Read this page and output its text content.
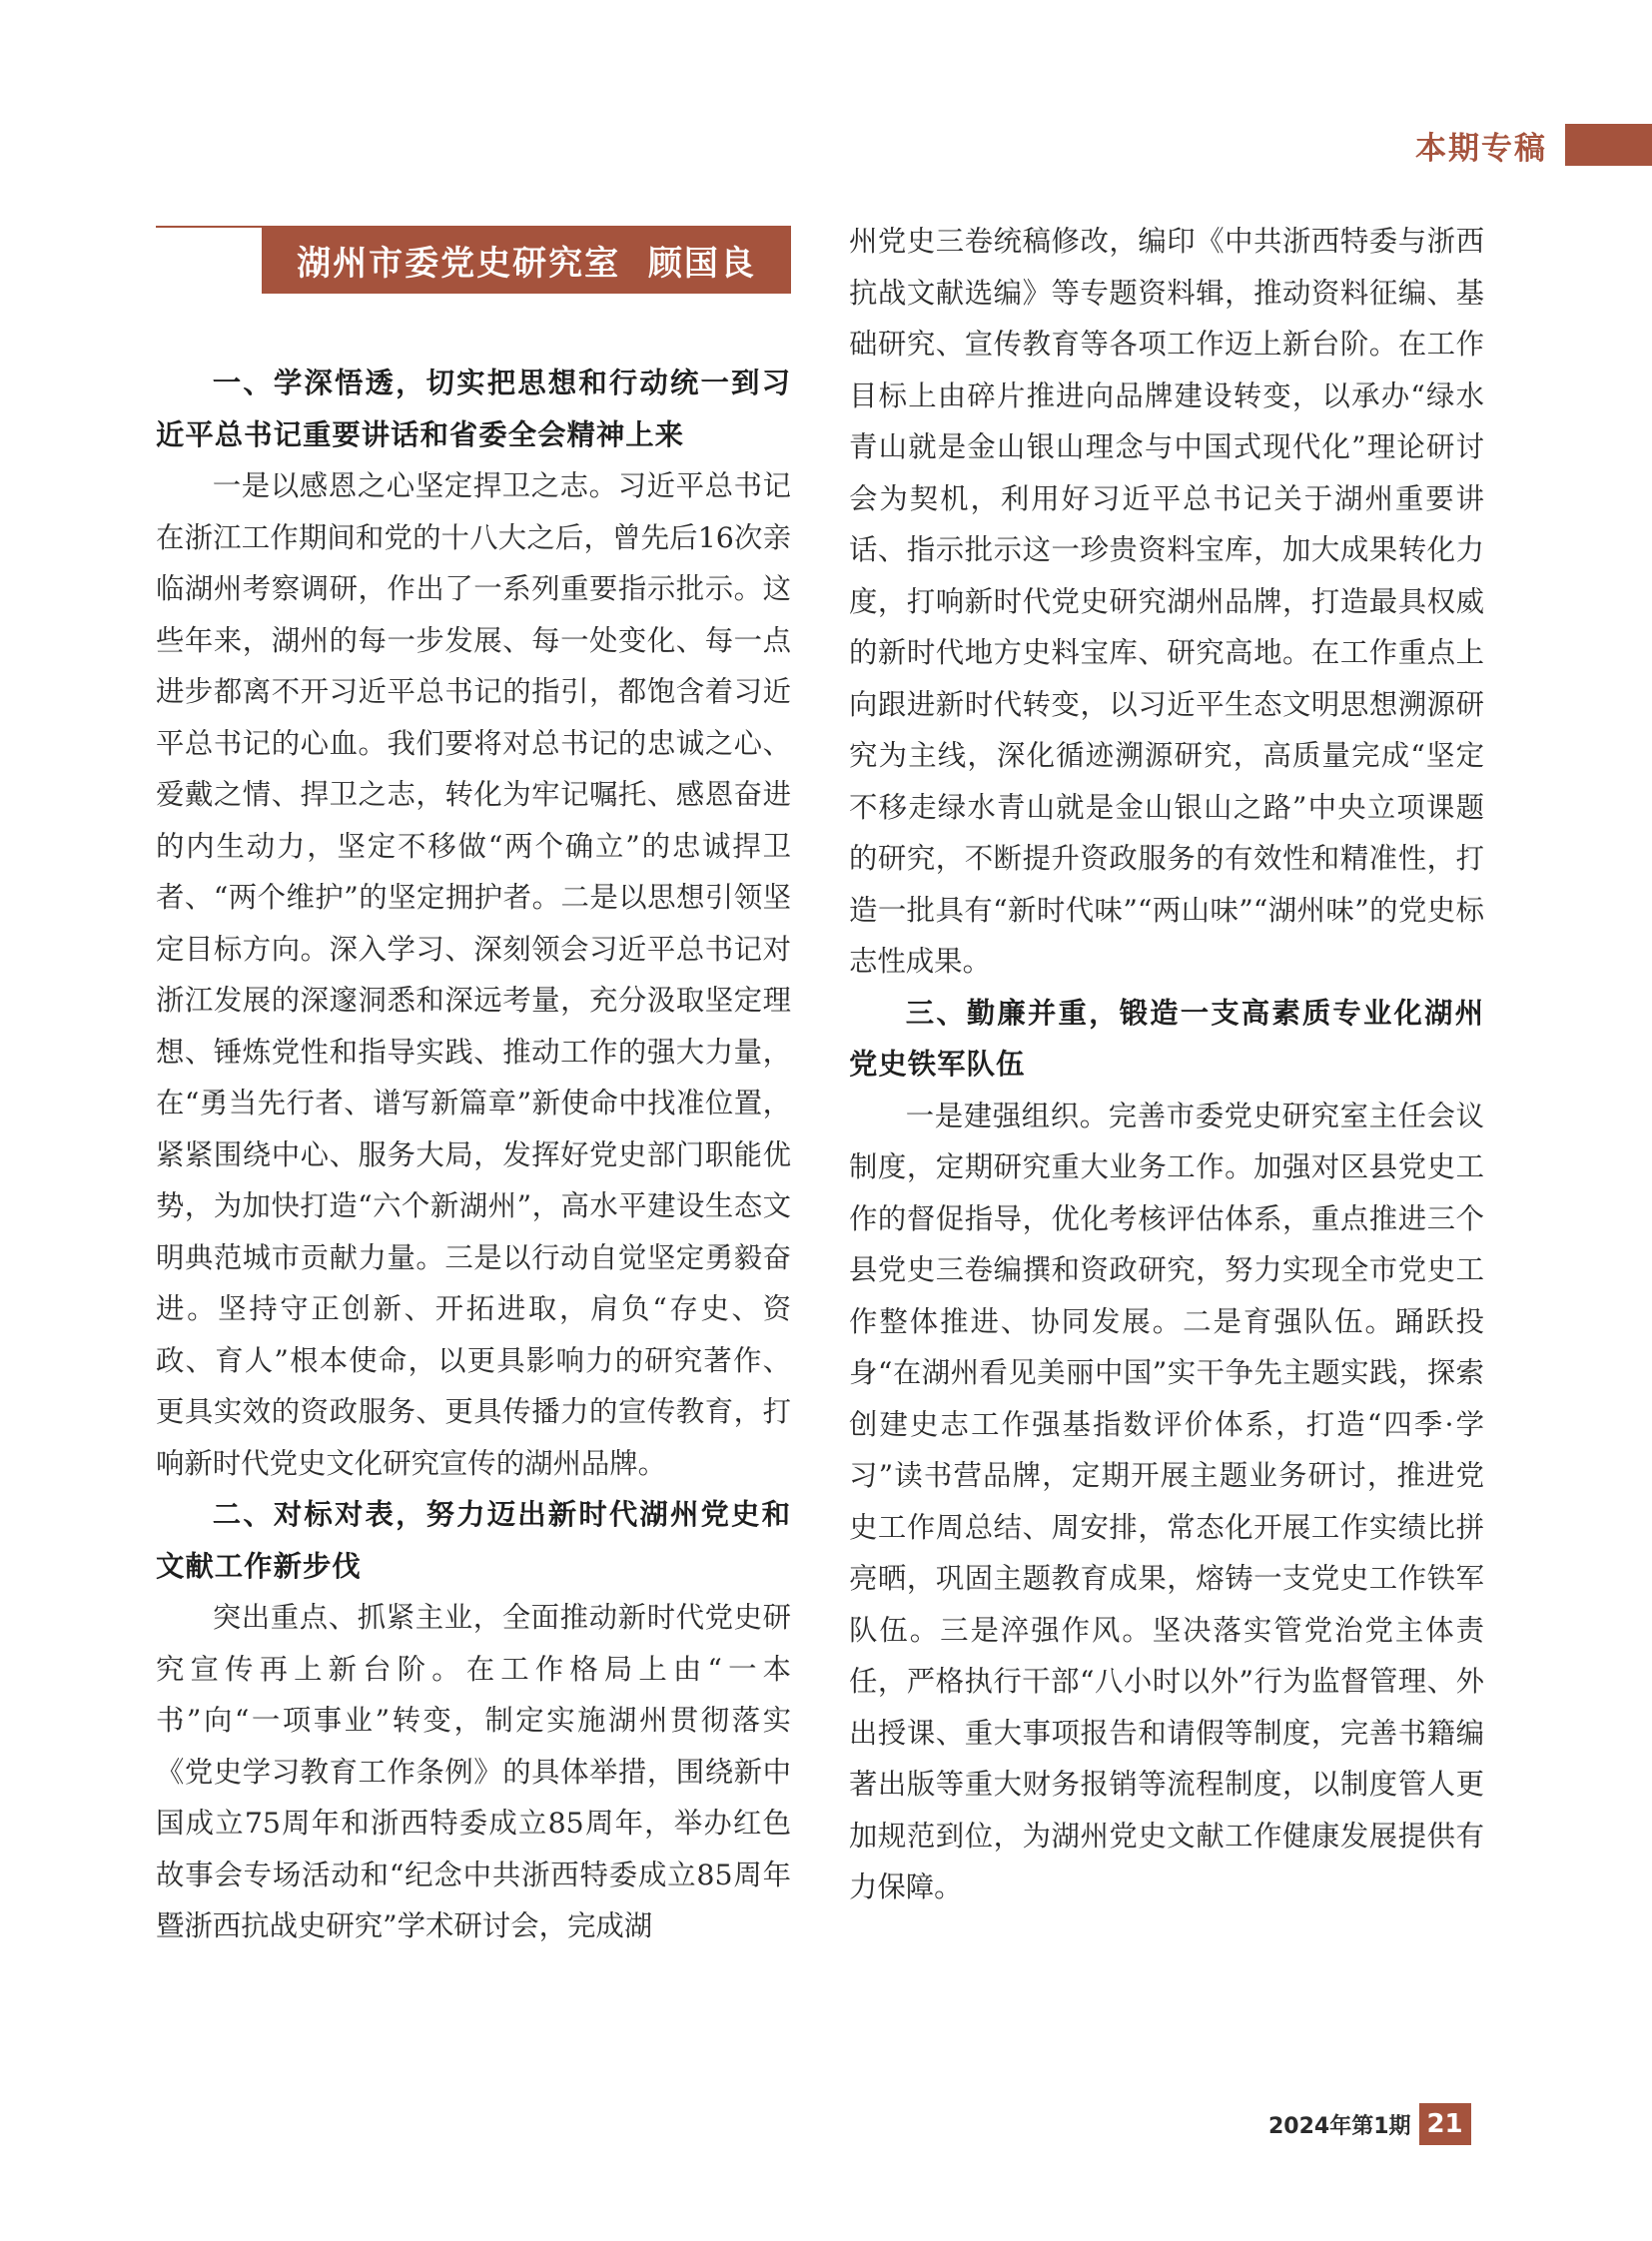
本期专稿
湖州市委党史研究室  顾国良
一、学深悟透，切实把思想和行动统一到习近平总书记重要讲话和省委全会精神上来

一是以感恩之心坚定捍卫之志。习近平总书记在浙江工作期间和党的十八大之后，曾先后16次亲临湖州考察调研，作出了一系列重要指示批示。这些年来，湖州的每一步发展、每一处变化、每一点进步都离不开习近平总书记的指引，都饱含着习近平总书记的心血。我们要将对总书记的忠诚之心、爱戴之情、捍卫之志，转化为牢记嘱托、感恩奋进的内生动力，坚定不移做“两个确立”的忠诚捍卫者、“两个维护”的坚定拥护者。二是以思想引领坚定目标方向。深入学习、深刻领会习近平总书记对浙江发展的深邃洞悉和深远考量，充分汲取坚定理想、锤炼党性和指导实践、推动工作的强大力量，在“勇当先行者、谱写新篇章”新使命中找准位置，紧紧围绕中心、服务大局，发挥好党史部门职能优势，为加快打造“六个新湖州”，高水平建设生态文明典范城市贡献力量。三是以行动自觉坚定勇毅奋进。坚持守正创新、开拓进取，肩负“存史、资政、育人”根本使命，以更具影响力的研究著作、更具实效的资政服务、更具传播力的宣传教育，打响新时代党史文化研究宣传的湖州品牌。

二、对标对表，努力迈出新时代湖州党史和文献工作新步伐

突出重点、抓紧主业，全面推动新时代党史研究宣传再上新台阶。在工作格局上由“一本书”向“一项事业”转变，制定实施湖州贯彻落实《党史学习教育工作条例》的具体举措，围绕新中国成立75周年和浙西特委成立85周年，举办红色故事会专场活动和“纪念中共浙西特委成立85周年暨浙西抗战史研究”学术研讨会，完成湖

州党史三卷统稿修改，编印《中共浙西特委与浙西抗战文献选编》等专题资料辑，推动资料征编、基础研究、宣传教育等各项工作迈上新台阶。在工作目标上由碎片推进向品牌建设转变，以承办“绿水青山就是金山银山理念与中国式现代化”理论研讨会为契机，利用好习近平总书记关于湖州重要讲话、指示批示这一珍贵资料宝库，加大成果转化力度，打响新时代党史研究湖州品牌，打造最具权威的新时代地方史料宝库、研究高地。在工作重点上向跟进新时代转变，以习近平生态文明思想溯源研究为主线，深化循迹溯源研究，高质量完成“坚定不移走绿水青山就是金山银山之路”中央立项课题的研究，不断提升资政服务的有效性和精准性，打造一批具有“新时代味”“两山味”“湖州味”的党史标志性成果。

三、勤廉并重，锻造一支高素质专业化湖州党史铁军队伍

一是建强组织。完善市委党史研究室主任会议制度，定期研究重大业务工作。加强对区县党史工作的督促指导，优化考核评估体系，重点推进三个县党史三卷编撰和资政研究，努力实现全市党史工作整体推进、协同发展。二是育强队伍。踊跃投身“在湖州看见美丽中国”实干争先主题实践，探索创建史志工作强基指数评价体系，打造“四季·学习”读书营品牌，定期开展主题业务研讨，推进党史工作周总结、周安排，常态化开展工作实绩比拼亮晒，巩固主题教育成果，熔铸一支党史工作铁军队伍。三是淬强作风。坚决落实管党治党主体责任，严格执行干部“八小时以外”行为监督管理、外出授课、重大事项报告和请假等制度，完善书籍编著出版等重大财务报销等流程制度，以制度管人更加规范到位，为湖州党史文献工作健康发展提供有力保障。

2024年第1期 21
